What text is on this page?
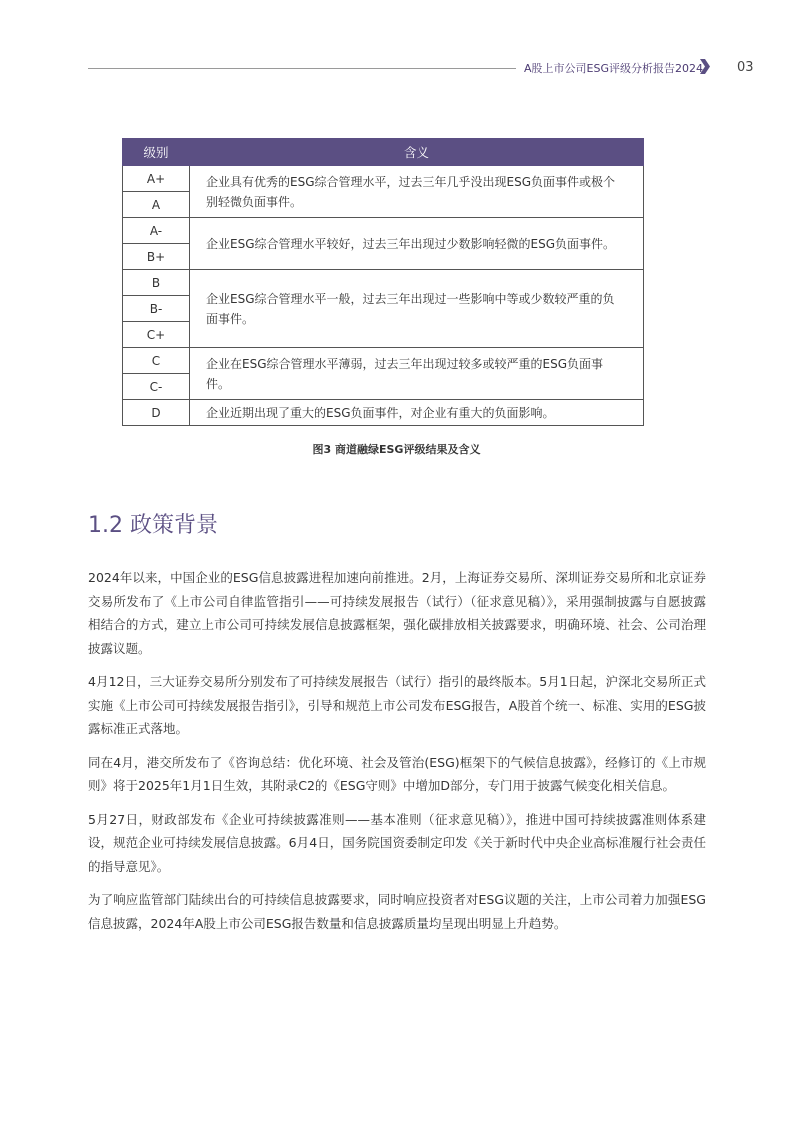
A股上市公司ESG评级分析报告2024	03
级别	含义
A+	企业具有优秀的ESG综合管理水平，过去三年几乎没出现ESG负面事件或极个别轻微负面事件。
A	
A-	企业ESG综合管理水平较好，过去三年出现过少数影响轻微的ESG负面事件。
B+	
B	企业ESG综合管理水平一般，过去三年出现过一些影响中等或少数较严重的负面事件。
B-	
C+	
C	企业在ESG综合管理水平薄弱，过去三年出现过较多或较严重的ESG负面事件。
C-	
D	企业近期出现了重大的ESG负面事件，对企业有重大的负面影响。
图3 商道融绿ESG评级结果及含义
1.2 政策背景

2024年以来，中国企业的ESG信息披露进程加速向前推进。2月，上海证券交易所、深圳证券交易所和北京证券交易所发布了《上市公司自律监管指引——可持续发展报告（试行）（征求意见稿）》，采用强制披露与自愿披露相结合的方式，建立上市公司可持续发展信息披露框架，强化碳排放相关披露要求，明确环境、社会、公司治理披露议题。

4月12日，三大证券交易所分别发布了可持续发展报告（试行）指引的最终版本。5月1日起，沪深北交易所正式实施《上市公司可持续发展报告指引》，引导和规范上市公司发布ESG报告，A股首个统一、标准、实用的ESG披露标准正式落地。

同在4月，港交所发布了《咨询总结：优化环境、社会及管治(ESG)框架下的气候信息披露》，经修订的《上市规则》将于2025年1月1日生效，其附录C2的《ESG守则》中增加D部分，专门用于披露气候变化相关信息。

5月27日，财政部发布《企业可持续披露准则——基本准则（征求意见稿）》，推进中国可持续披露准则体系建设，规范企业可持续发展信息披露。6月4日，国务院国资委制定印发《关于新时代中央企业高标准履行社会责任的指导意见》。

为了响应监管部门陆续出台的可持续信息披露要求，同时响应投资者对ESG议题的关注，上市公司着力加强ESG信息披露，2024年A股上市公司ESG报告数量和信息披露质量均呈现出明显上升趋势。
